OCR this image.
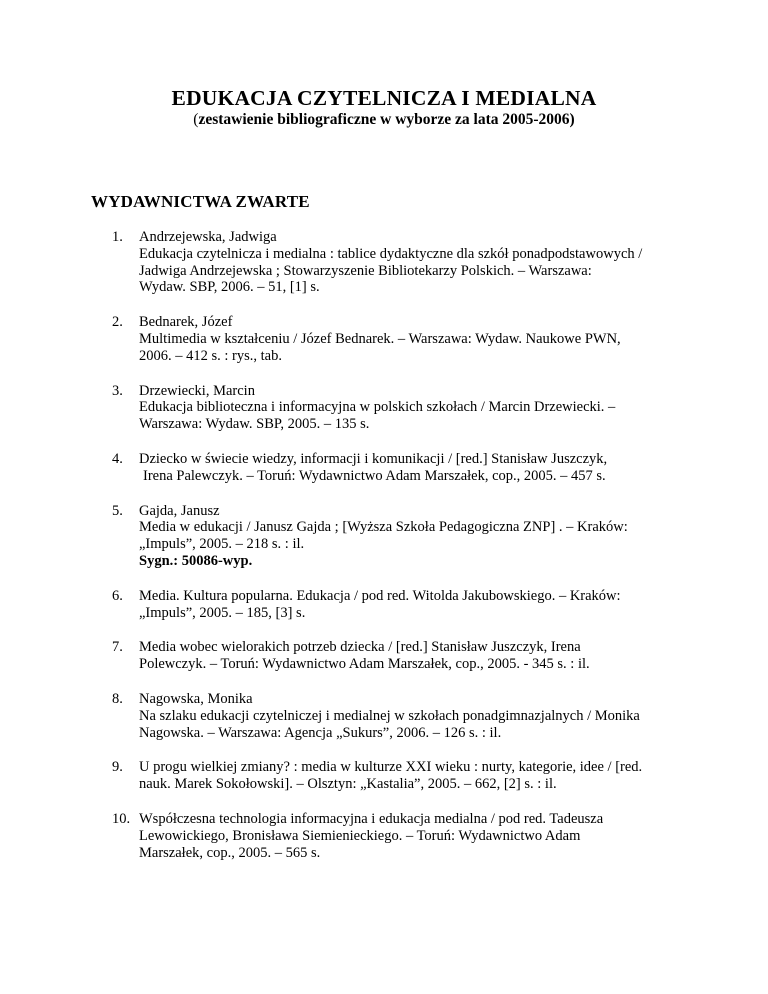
EDUKACJA CZYTELNICZA I MEDIALNA
(zestawienie bibliograficzne w wyborze za lata 2005-2006)
WYDAWNICTWA ZWARTE
1. Andrzejewska, Jadwiga
Edukacja czytelnicza i medialna : tablice dydaktyczne dla szkół ponadpodstawowych /
Jadwiga Andrzejewska ; Stowarzyszenie Bibliotekarzy Polskich. – Warszawa:
Wydaw. SBP, 2006. – 51, [1] s.
2. Bednarek, Józef
Multimedia w kształceniu / Józef Bednarek. – Warszawa: Wydaw. Naukowe PWN,
2006. – 412 s. : rys., tab.
3. Drzewiecki, Marcin
Edukacja biblioteczna i informacyjna w polskich szkołach / Marcin Drzewiecki. –
Warszawa: Wydaw. SBP, 2005. – 135 s.
4. Dziecko w świecie wiedzy, informacji i komunikacji / [red.] Stanisław Juszczyk,
Irena Palewczyk. – Toruń: Wydawnictwo Adam Marszałek, cop., 2005. – 457 s.
5. Gajda, Janusz
Media w edukacji / Janusz Gajda ; [Wyższa Szkoła Pedagogiczna ZNP] . – Kraków:
„Impuls”, 2005. – 218 s. : il.
Sygn.: 50086-wyp.
6. Media. Kultura popularna. Edukacja / pod red. Witolda Jakubowskiego. – Kraków:
„Impuls”, 2005. – 185, [3] s.
7. Media wobec wielorakich potrzeb dziecka / [red.] Stanisław Juszczyk, Irena
Polewczyk. – Toruń: Wydawnictwo Adam Marszałek, cop., 2005. - 345 s. : il.
8. Nagowska, Monika
Na szlaku edukacji czytelniczej i medialnej w szkołach ponadgimnazjalnych / Monika
Nagowska. – Warszawa: Agencja „Sukurs”, 2006. – 126 s. : il.
9. U progu wielkiej zmiany? : media w kulturze XXI wieku : nurty, kategorie, idee / [red.
nauk. Marek Sokołowski]. – Olsztyn: „Kastalia”, 2005. – 662, [2] s. : il.
10. Współczesna technologia informacyjna i edukacja medialna / pod red. Tadeusza
Lewowickiego, Bronisława Siemienieckiego. – Toruń: Wydawnictwo Adam
Marszałek, cop., 2005. – 565 s.
